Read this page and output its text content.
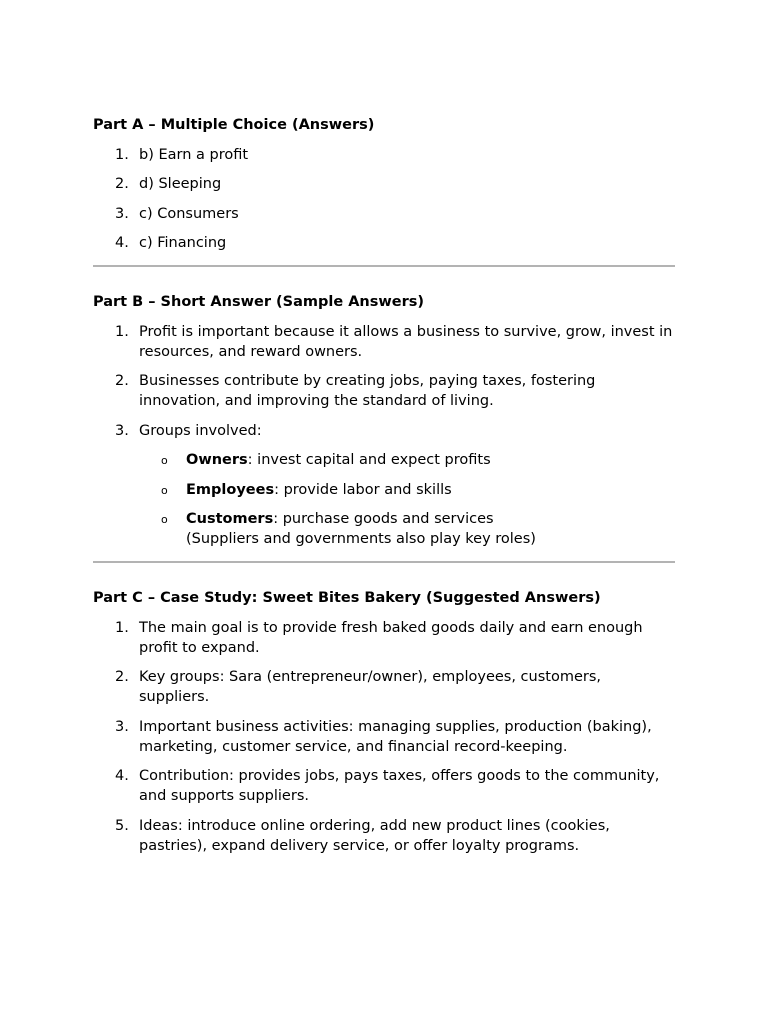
Part A – Multiple Choice (Answers)

1. b) Earn a profit
2. d) Sleeping
3. c) Consumers
4. c) Financing

Part B – Short Answer (Sample Answers)

1. Profit is important because it allows a business to survive, grow, invest in resources, and reward owners.
2. Businesses contribute by creating jobs, paying taxes, fostering innovation, and improving the standard of living.
3. Groups involved:
o Owners: invest capital and expect profits
o Employees: provide labor and skills
o Customers: purchase goods and services
(Suppliers and governments also play key roles)

Part C – Case Study: Sweet Bites Bakery (Suggested Answers)

1. The main goal is to provide fresh baked goods daily and earn enough profit to expand.
2. Key groups: Sara (entrepreneur/owner), employees, customers, suppliers.
3. Important business activities: managing supplies, production (baking), marketing, customer service, and financial record-keeping.
4. Contribution: provides jobs, pays taxes, offers goods to the community, and supports suppliers.
5. Ideas: introduce online ordering, add new product lines (cookies, pastries), expand delivery service, or offer loyalty programs.
